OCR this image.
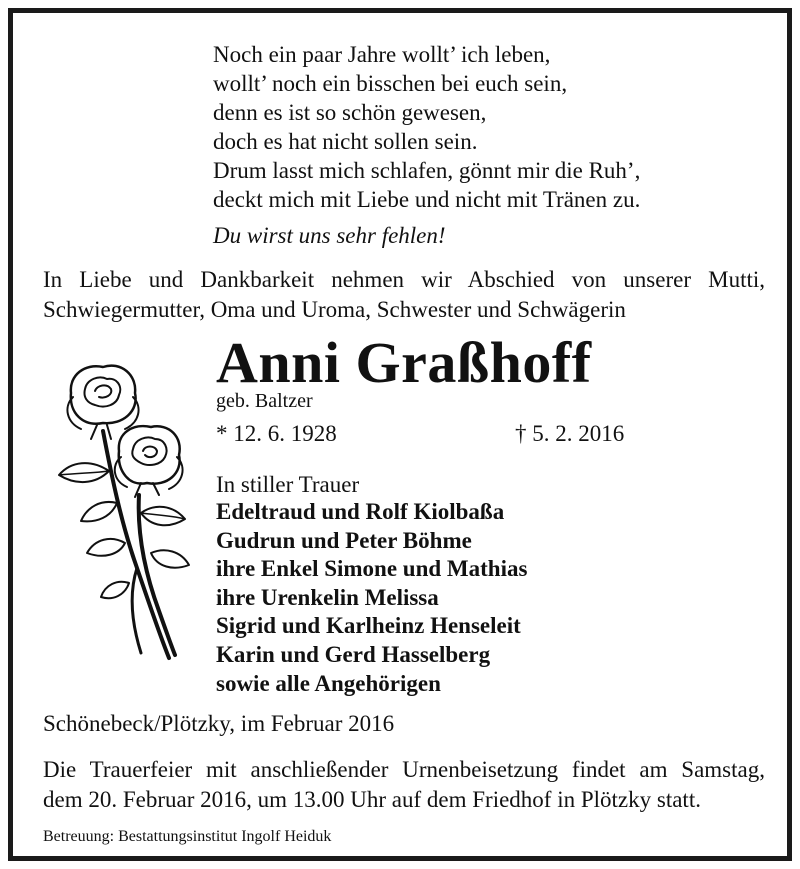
Noch ein paar Jahre wollt’ ich leben,
wollt’ noch ein bisschen bei euch sein,
denn es ist so schön gewesen,
doch es hat nicht sollen sein.
Drum lasst mich schlafen, gönnt mir die Ruh’,
deckt mich mit Liebe und nicht mit Tränen zu.
Du wirst uns sehr fehlen!
In Liebe und Dankbarkeit nehmen wir Abschied von unserer Mutti,
Schwiegermutter, Oma und Uroma, Schwester und Schwägerin
Anni Graßhoff
geb. Baltzer
* 12. 6. 1928	† 5. 2. 2016
In stiller Trauer
Edeltraud und Rolf Kiolbaßa
Gudrun und Peter Böhme
ihre Enkel Simone und Mathias
ihre Urenkelin Melissa
Sigrid und Karlheinz Henseleit
Karin und Gerd Hasselberg
sowie alle Angehörigen
Schönebeck/Plötzky, im Februar 2016
Die Trauerfeier mit anschließender Urnenbeisetzung findet am Samstag,
dem 20. Februar 2016, um 13.00 Uhr auf dem Friedhof in Plötzky statt.
Betreuung: Bestattungsinstitut Ingolf Heiduk
